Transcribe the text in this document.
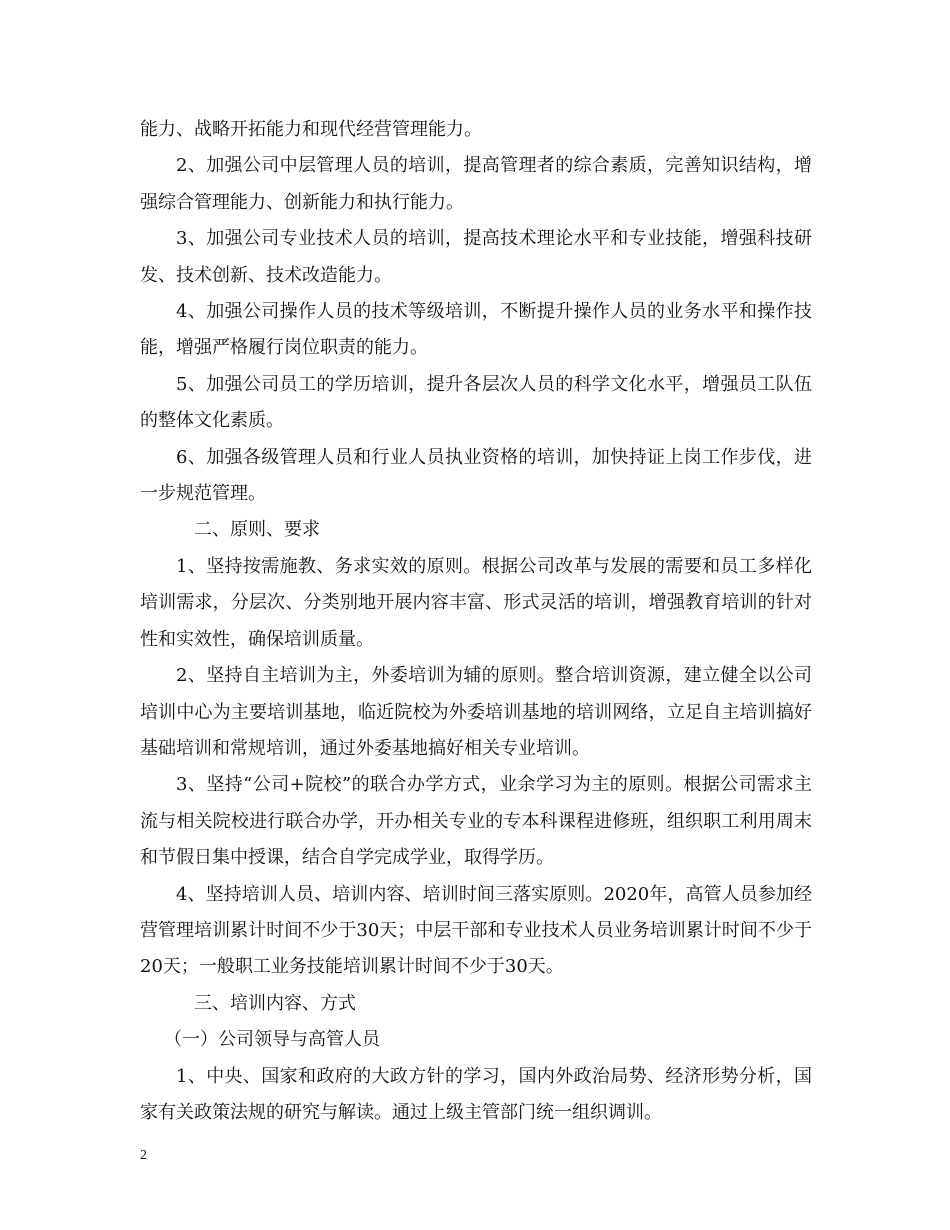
能力、战略开拓能力和现代经营管理能力。

2、加强公司中层管理人员的培训，提高管理者的综合素质，完善知识结构，增强综合管理能力、创新能力和执行能力。

3、加强公司专业技术人员的培训，提高技术理论水平和专业技能，增强科技研发、技术创新、技术改造能力。

4、加强公司操作人员的技术等级培训，不断提升操作人员的业务水平和操作技能，增强严格履行岗位职责的能力。

5、加强公司员工的学历培训，提升各层次人员的科学文化水平，增强员工队伍的整体文化素质。

6、加强各级管理人员和行业人员执业资格的培训，加快持证上岗工作步伐，进一步规范管理。

二、原则、要求

1、坚持按需施教、务求实效的原则。根据公司改革与发展的需要和员工多样化培训需求，分层次、分类别地开展内容丰富、形式灵活的培训，增强教育培训的针对性和实效性，确保培训质量。

2、坚持自主培训为主，外委培训为辅的原则。整合培训资源，建立健全以公司培训中心为主要培训基地，临近院校为外委培训基地的培训网络，立足自主培训搞好基础培训和常规培训，通过外委基地搞好相关专业培训。

3、坚持“公司+院校”的联合办学方式，业余学习为主的原则。根据公司需求主流与相关院校进行联合办学，开办相关专业的专本科课程进修班，组织职工利用周末和节假日集中授课，结合自学完成学业，取得学历。

4、坚持培训人员、培训内容、培训时间三落实原则。2020年，高管人员参加经营管理培训累计时间不少于30天；中层干部和专业技术人员业务培训累计时间不少于20天；一般职工业务技能培训累计时间不少于30天。

三、培训内容、方式

（一）公司领导与高管人员

1、中央、国家和政府的大政方针的学习，国内外政治局势、经济形势分析，国家有关政策法规的研究与解读。通过上级主管部门统一组织调训。

2
